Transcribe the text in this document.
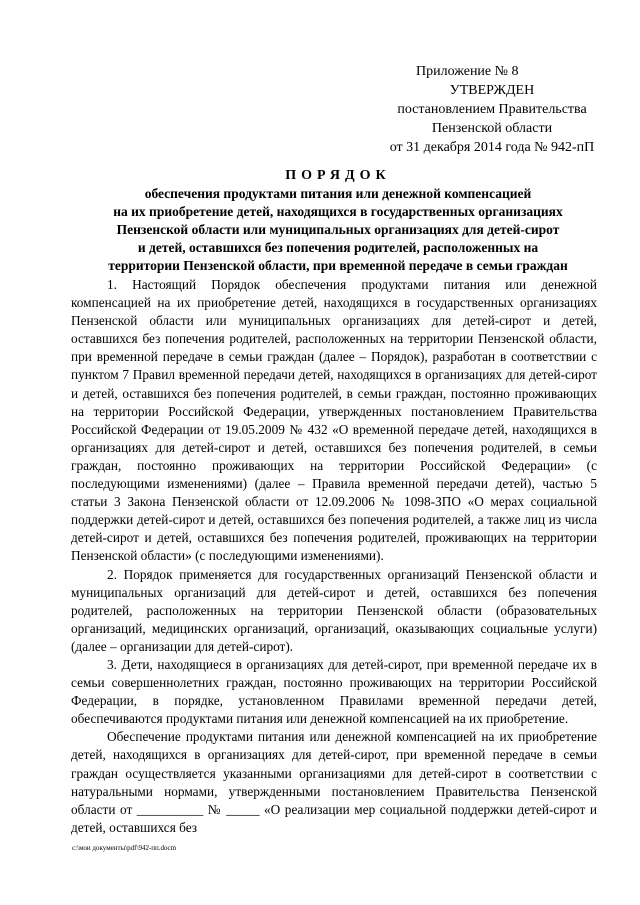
Приложение № 8
УТВЕРЖДЕН
постановлением Правительства
Пензенской области
от 31 декабря 2014 года № 942-пП
ПОРЯДОК
обеспечения продуктами питания или денежной компенсацией
на их приобретение детей, находящихся в государственных организациях
Пензенской области или муниципальных организациях для детей-сирот
и детей, оставшихся без попечения родителей, расположенных на
территории Пензенской области, при временной передаче в семьи граждан

1. Настоящий Порядок обеспечения продуктами питания или денежной компенсацией на их приобретение детей, находящихся в государственных организациях Пензенской области или муниципальных организациях для детей-сирот и детей, оставшихся без попечения родителей, расположенных на территории Пензенской области, при временной передаче в семьи граждан (далее – Порядок), разработан в соответствии с пунктом 7 Правил временной передачи детей, находящихся в организациях для детей-сирот и детей, оставшихся без попечения родителей, в семьи граждан, постоянно проживающих на территории Российской Федерации, утвержденных постановлением Правительства Российской Федерации от 19.05.2009 № 432 «О временной передаче детей, находящихся в организациях для детей-сирот и детей, оставшихся без попечения родителей, в семьи граждан, постоянно проживающих на территории Российской Федерации» (с последующими изменениями) (далее – Правила временной передачи детей), частью 5 статьи 3 Закона Пензенской области от 12.09.2006 № 1098-ЗПО «О мерах социальной поддержки детей-сирот и детей, оставшихся без попечения родителей, а также лиц из числа детей-сирот и детей, оставшихся без попечения родителей, проживающих на территории Пензенской области» (с последующими изменениями).

2. Порядок применяется для государственных организаций Пензенской области и муниципальных организаций для детей-сирот и детей, оставшихся без попечения родителей, расположенных на территории Пензенской области (образовательных организаций, медицинских организаций, организаций, оказывающих социальные услуги) (далее – организации для детей-сирот).

3. Дети, находящиеся в организациях для детей-сирот, при временной передаче их в семьи совершеннолетних граждан, постоянно проживающих на территории Российской Федерации, в порядке, установленном Правилами временной передачи детей, обеспечиваются продуктами питания или денежной компенсацией на их приобретение.

Обеспечение продуктами питания или денежной компенсацией на их приобретение детей, находящихся в организациях для детей-сирот, при временной передаче в семьи граждан осуществляется указанными организациями для детей-сирот в соответствии с натуральными нормами, утвержденными постановлением Правительства Пензенской области от __________ № _____ «О реализации мер социальной поддержки детей-сирот и детей, оставшихся без

c:\мои документы\pdf\942-пп.docm
